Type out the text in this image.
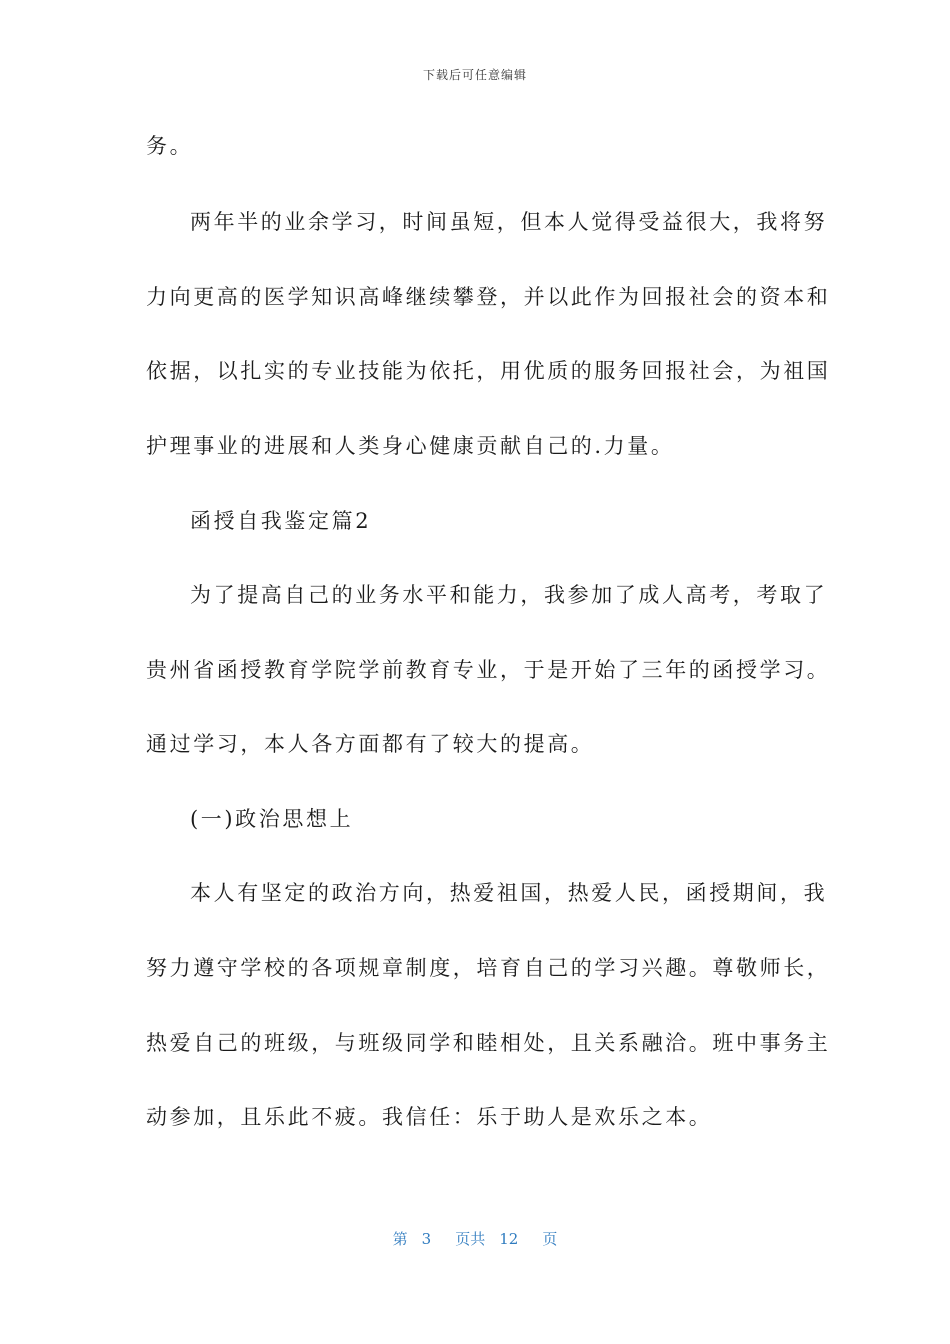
下载后可任意编辑
务。
两年半的业余学习，时间虽短，但本人觉得受益很大，我将努
力向更高的医学知识高峰继续攀登，并以此作为回报社会的资本和
依据，以扎实的专业技能为依托，用优质的服务回报社会，为祖国
护理事业的进展和人类身心健康贡献自己的.力量。
函授自我鉴定篇2
为了提高自己的业务水平和能力，我参加了成人高考，考取了
贵州省函授教育学院学前教育专业，于是开始了三年的函授学习。
通过学习，本人各方面都有了较大的提高。
(一)政治思想上
本人有坚定的政治方向，热爱祖国，热爱人民，函授期间，我
努力遵守学校的各项规章制度，培育自己的学习兴趣。尊敬师长，
热爱自己的班级，与班级同学和睦相处，且关系融洽。班中事务主
动参加，且乐此不疲。我信任：乐于助人是欢乐之本。
第 3 页共 12 页
